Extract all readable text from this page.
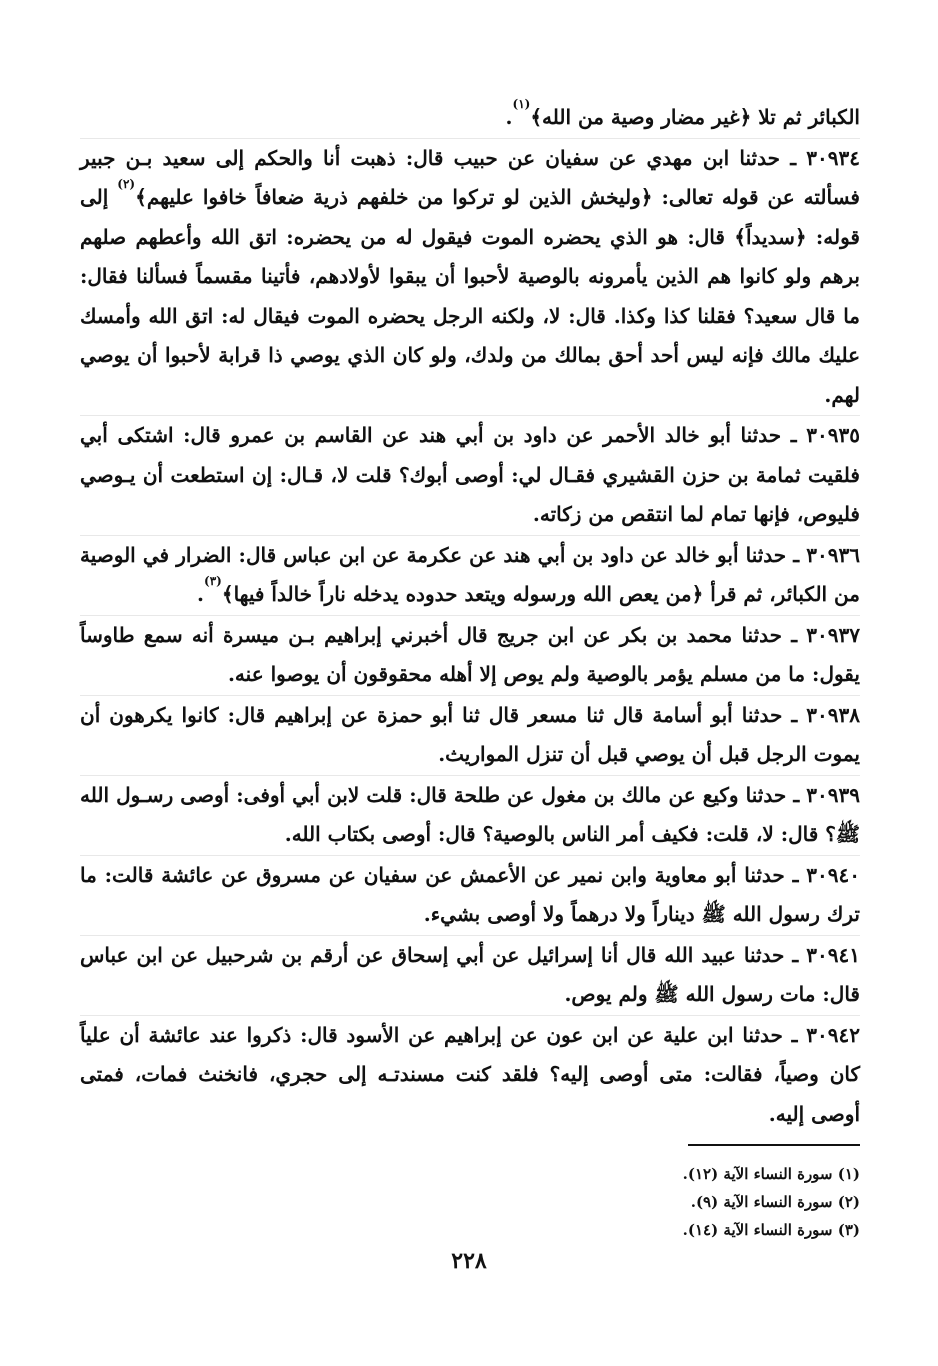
الكبائر ثم تلا ﴿غير مضار وصية من الله﴾$^{(١)}$.

٣٠٩٣٤ ـ حدثنا ابن مهدي عن سفيان عن حبيب قال: ذهبت أنا والحكم إلى سعيد بـن جبير فسألته عن قوله تعالى: ﴿وليخش الذين لو تركوا من خلفهم ذرية ضعافاً خافوا عليهم﴾$^{(٢)}$ إلى قوله: ﴿سديداً﴾ قال: هو الذي يحضره الموت فيقول له من يحضره: اتق الله وأعطهم صلهم برهم ولو كانوا هم الذين يأمرونه بالوصية لأحبوا أن يبقوا لأولادهم، فأتينا مقسماً فسألنا فقال: ما قال سعيد؟ فقلنا كذا وكذا. قال: لا، ولكنه الرجل يحضره الموت فيقال له: اتق الله وأمسك عليك مالك فإنه ليس أحد أحق بمالك من ولدك، ولو كان الذي يوصي ذا قرابة لأحبوا أن يوصي لهم.

٣٠٩٣٥ ـ حدثنا أبو خالد الأحمر عن داود بن أبي هند عن القاسم بن عمرو قال: اشتكى أبي فلقيت ثمامة بن حزن القشيري فقـال لي: أوصى أبوك؟ قلت لا، قـال: إن استطعت أن يـوصي فليوص، فإنها تمام لما انتقص من زكاته.

٣٠٩٣٦ ـ حدثنا أبو خالد عن داود بن أبي هند عن عكرمة عن ابن عباس قال: الضرار في الوصية من الكبائر، ثم قرأ ﴿من يعص الله ورسوله ويتعد حدوده يدخله ناراً خالداً فيها﴾$^{(٣)}$.

٣٠٩٣٧ ـ حدثنا محمد بن بكر عن ابن جريج قال أخبرني إبراهيم بـن ميسرة أنه سمع طاوساً يقول: ما من مسلم يؤمر بالوصية ولم يوص إلا أهله محقوقون أن يوصوا عنه.

٣٠٩٣٨ ـ حدثنا أبو أسامة قال ثنا مسعر قال ثنا أبو حمزة عن إبراهيم قال: كانوا يكرهون أن يموت الرجل قبل أن يوصي قبل أن تنزل المواريث.

٣٠٩٣٩ ـ حدثنا وكيع عن مالك بن مغول عن طلحة قال: قلت لابن أبي أوفى: أوصى رسـول الله ﷺ؟ قال: لا، قلت: فكيف أمر الناس بالوصية؟ قال: أوصى بكتاب الله.

٣٠٩٤٠ ـ حدثنا أبو معاوية وابن نمير عن الأعمش عن سفيان عن مسروق عن عائشة قالت: ما ترك رسول الله ﷺ ديناراً ولا درهماً ولا أوصى بشيء.

٣٠٩٤١ ـ حدثنا عبيد الله قال أنا إسرائيل عن أبي إسحاق عن أرقم بن شرحبيل عن ابن عباس قال: مات رسول الله ﷺ ولم يوص.

٣٠٩٤٢ ـ حدثنا ابن علية عن ابن عون عن إبراهيم عن الأسود قال: ذكروا عند عائشة أن علياً كان وصياً، فقالت: متى أوصى إليه؟ فلقد كنت مسندتـه إلى حجري، فانخنث فمات، فمتى أوصى إليه.

(١) سورة النساء الآية (١٢).

(٢) سورة النساء الآية (٩).

(٣) سورة النساء الآية (١٤).

٢٢٨
